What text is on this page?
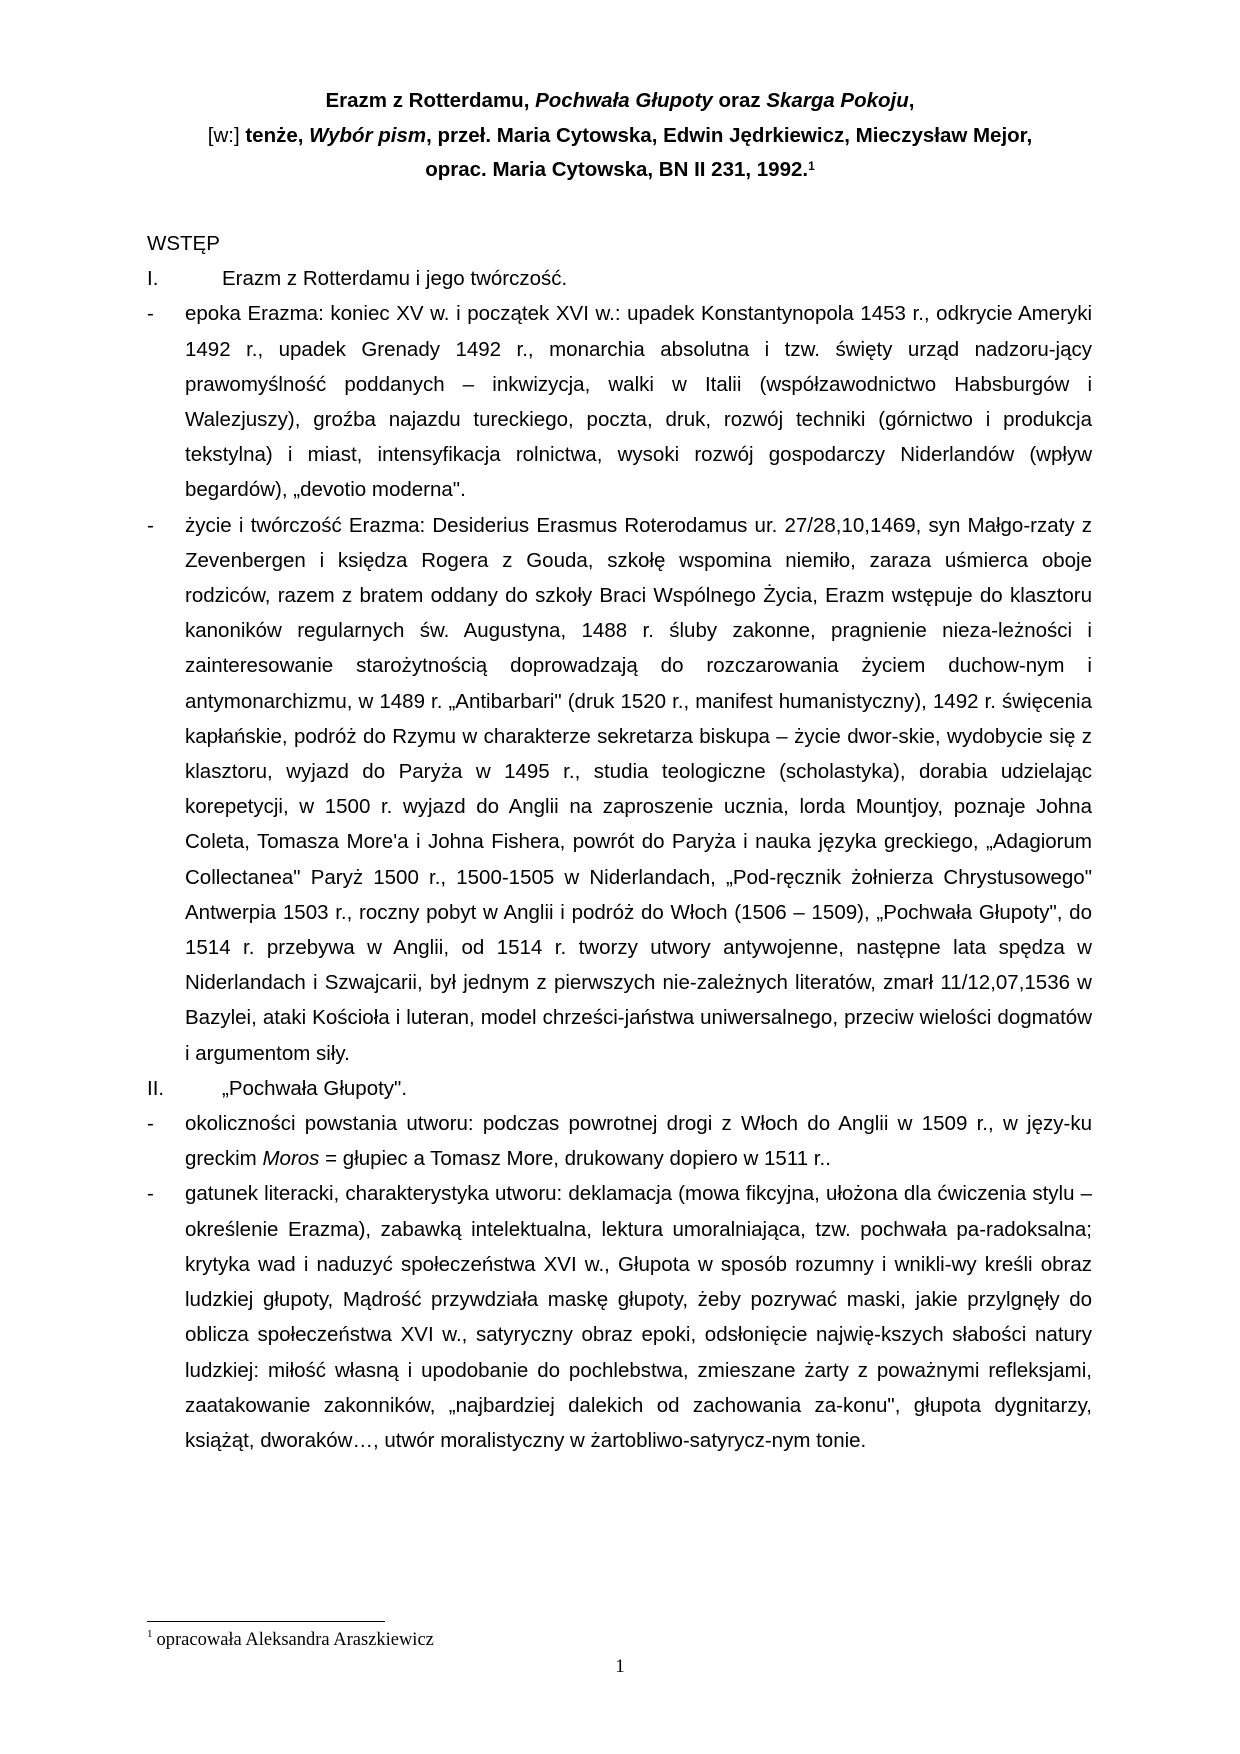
Erazm z Rotterdamu, Pochwała Głupoty oraz Skarga Pokoju,
[w:] tenże, Wybór pism, przeł. Maria Cytowska, Edwin Jędrkiewicz, Mieczysław Mejor,
oprac. Maria Cytowska, BN II 231, 1992.$^1$

WSTĘP

I.	Erazm z Rotterdamu i jego twórczość.

- epoka Erazma: koniec XV w. i początek XVI w.: upadek Konstantynopola 1453 r., odkrycie Ameryki 1492 r., upadek Grenady 1492 r., monarchia absolutna i tzw. święty urząd nadzoru-jący prawomyślność poddanych – inkwizycja, walki w Italii (współzawodnictwo Habsburgów i Walezjuszy), groźba najazdu tureckiego, poczta, druk, rozwój techniki (górnictwo i produkcja tekstylna) i miast, intensyfikacja rolnictwa, wysoki rozwój gospodarczy Niderlandów (wpływ begardów), „devotio moderna".

- życie i twórczość Erazma: Desiderius Erasmus Roterodamus ur. 27/28,10,1469, syn Małgo-rzaty z Zevenbergen i księdza Rogera z Gouda, szkołę wspomina niemiło, zaraza uśmierca oboje rodziców, razem z bratem oddany do szkoły Braci Wspólnego Życia, Erazm wstępuje do klasztoru kanoników regularnych św. Augustyna, 1488 r. śluby zakonne, pragnienie nieza-leżności i zainteresowanie starożytnością doprowadzają do rozczarowania życiem duchow-nym i antymonarchizmu, w 1489 r. „Antibarbari" (druk 1520 r., manifest humanistyczny), 1492 r. święcenia kapłańskie, podróż do Rzymu w charakterze sekretarza biskupa – życie dwor-skie, wydobycie się z klasztoru, wyjazd do Paryża w 1495 r., studia teologiczne (scholastyka), dorabia udzielając korepetycji, w 1500 r. wyjazd do Anglii na zaproszenie ucznia, lorda Mountjoy, poznaje Johna Coleta, Tomasza More'a i Johna Fishera, powrót do Paryża i nauka języka greckiego, „Adagiorum Collectanea" Paryż 1500 r., 1500-1505 w Niderlandach, „Pod-ręcznik żołnierza Chrystusowego" Antwerpia 1503 r., roczny pobyt w Anglii i podróż do Włoch (1506 – 1509), „Pochwała Głupoty", do 1514 r. przebywa w Anglii, od 1514 r. tworzy utwory antywojenne, następne lata spędza w Niderlandach i Szwajcarii, był jednym z pierwszych nie-zależnych literatów, zmarł 11/12,07,1536 w Bazylei, ataki Kościoła i luteran, model chrześci-jaństwa uniwersalnego, przeciw wielości dogmatów i argumentom siły.

II.	„Pochwała Głupoty".

- okoliczności powstania utworu: podczas powrotnej drogi z Włoch do Anglii w 1509 r., w języ-ku greckim Moros = głupiec a Tomasz More, drukowany dopiero w 1511 r..

- gatunek literacki, charakterystyka utworu: deklamacja (mowa fikcyjna, ułożona dla ćwiczenia stylu – określenie Erazma), zabawką intelektualna, lektura umoralniająca, tzw. pochwała pa-radoksalna; krytyka wad i naduzyć społeczeństwa XVI w., Głupota w sposób rozumny i wnikli-wy kreśli obraz ludzkiej głupoty, Mądrość przywdziała maskę głupoty, żeby pozrywać maski, jakie przylgnęły do oblicza społeczeństwa XVI w., satyryczny obraz epoki, odsłonięcie najwię-kszych słabości natury ludzkiej: miłość własną i upodobanie do pochlebstwa, zmieszane żarty z poważnymi refleksjami, zaatakowanie zakonników, „najbardziej dalekich od zachowania za-konu", głupota dygnitarzy, książąt, dworaków…, utwór moralistyczny w żartobliwo-satyrycz-nym tonie.

$^1$ opracowała Aleksandra Araszkiewicz
1
